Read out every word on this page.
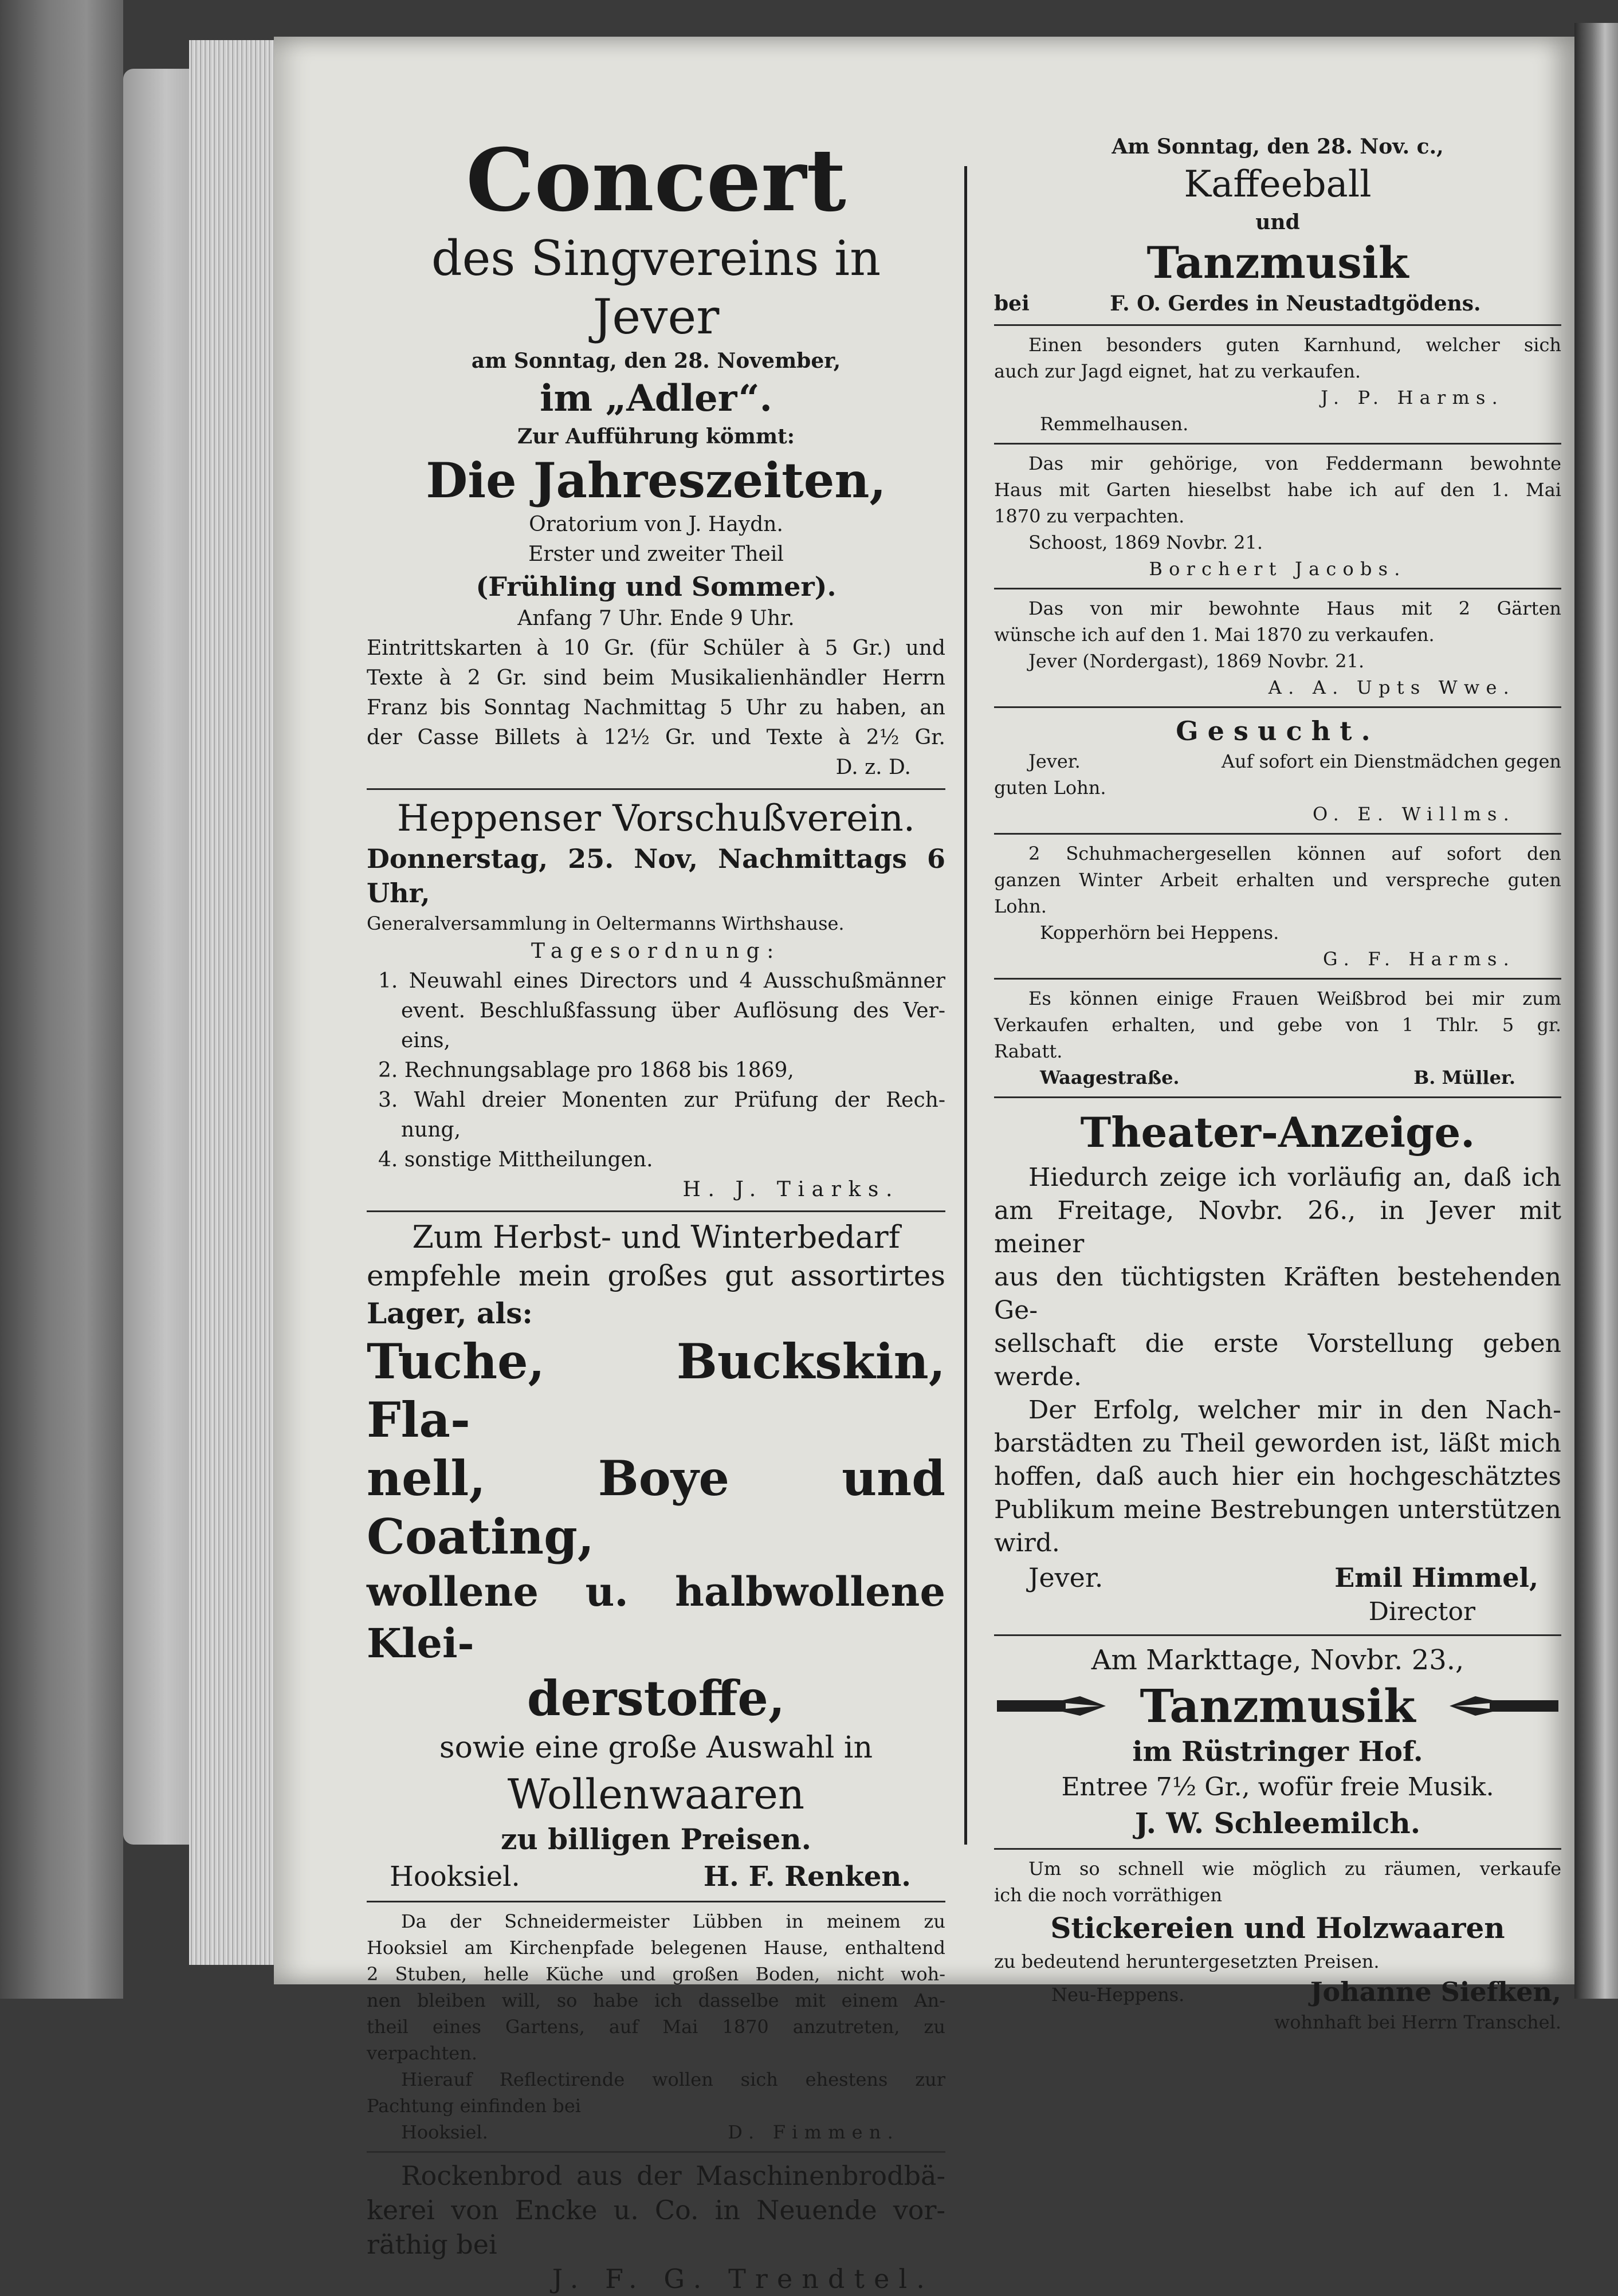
Concert

des Singvereins in Jever

am Sonntag, den 28. November,

im „Adler“.

Zur Aufführung kömmt:

Die Jahreszeiten,

Oratorium von J. Haydn.

Erster und zweiter Theil

(Frühling und Sommer).

Anfang 7 Uhr. Ende 9 Uhr.

Eintrittskarten à 10 Gr. (für Schüler à 5 Gr.) und

Texte à 2 Gr. sind beim Musikalienhändler Herrn

Franz bis Sonntag Nachmittag 5 Uhr zu haben, an

der Casse Billets à 12½ Gr. und Texte à 2½ Gr.

D. z. D.

Heppenser Vorschußverein.

Donnerstag, 25. Nov, Nachmittags 6 Uhr,

Generalversammlung in Oeltermanns Wirthshause.

Tagesordnung:

1. Neuwahl eines Directors und 4 Ausschußmänner

event. Beschlußfassung über Auflösung des Ver-

eins,

2. Rechnungsablage pro 1868 bis 1869,

3. Wahl dreier Monenten zur Prüfung der Rech-

nung,

4. sonstige Mittheilungen.

H. J. Tiarks.

Zum Herbst- und Winterbedarf

empfehle mein großes gut assortirtes

Lager, als:

Tuche, Buckskin, Fla-

nell, Boye und Coating,

wollene u. halbwollene Klei-

derstoffe,

sowie eine große Auswahl in

Wollenwaaren

zu billigen Preisen.

Hooksiel.	H. F. Renken.

Da der Schneidermeister Lübben in meinem zu

Hooksiel am Kirchenpfade belegenen Hause, enthaltend

2 Stuben, helle Küche und großen Boden, nicht woh-

nen bleiben will, so habe ich dasselbe mit einem An-

theil eines Gartens, auf Mai 1870 anzutreten, zu

verpachten.

Hierauf Reflectirende wollen sich ehestens zur

Pachtung einfinden bei

Hooksiel.	D. Fimmen.

Rockenbrod aus der Maschinenbrodbä-

kerei von Encke u. Co. in Neuende vor-

räthig bei

J. F. G. Trendtel.

Am Sonntag, den 28. Nov. c.,

Kaffeeball

und

Tanzmusik

bei	F. O. Gerdes in Neustadtgödens.

Einen besonders guten Karnhund, welcher sich

auch zur Jagd eignet, hat zu verkaufen.

J. P. Harms.

Remmelhausen.

Das mir gehörige, von Feddermann bewohnte

Haus mit Garten hieselbst habe ich auf den 1. Mai

1870 zu verpachten.

Schoost, 1869 Novbr. 21.

Borchert Jacobs.

Das von mir bewohnte Haus mit 2 Gärten

wünsche ich auf den 1. Mai 1870 zu verkaufen.

Jever (Nordergast), 1869 Novbr. 21.

A. A. Upts Wwe.

Gesucht.

Jever.	Auf sofort ein Dienstmädchen gegen

guten Lohn.

O. E. Willms.

2 Schuhmachergesellen können auf sofort den

ganzen Winter Arbeit erhalten und verspreche guten

Lohn.

Kopperhörn bei Heppens.

G. F. Harms.

Es können einige Frauen Weißbrod bei mir zum

Verkaufen erhalten, und gebe von 1 Thlr. 5 gr.

Rabatt.

Waagestraße.	B. Müller.

Theater-Anzeige.

Hiedurch zeige ich vorläufig an, daß ich

am Freitage, Novbr. 26., in Jever mit meiner

aus den tüchtigsten Kräften bestehenden Ge-

sellschaft die erste Vorstellung geben werde.

Der Erfolg, welcher mir in den Nach-

barstädten zu Theil geworden ist, läßt mich

hoffen, daß auch hier ein hochgeschätztes

Publikum meine Bestrebungen unterstützen

wird.

Jever.	Emil Himmel,

Director

Am Markttage, Novbr. 23.,

Tanzmusik

im Rüstringer Hof.

Entree 7½ Gr., wofür freie Musik.

J. W. Schleemilch.

Um so schnell wie möglich zu räumen, verkaufe

ich die noch vorräthigen

Stickereien und Holzwaaren

zu bedeutend heruntergesetzten Preisen.

Neu-Heppens.	Johanne Siefken,

wohnhaft bei Herrn Transchel.
